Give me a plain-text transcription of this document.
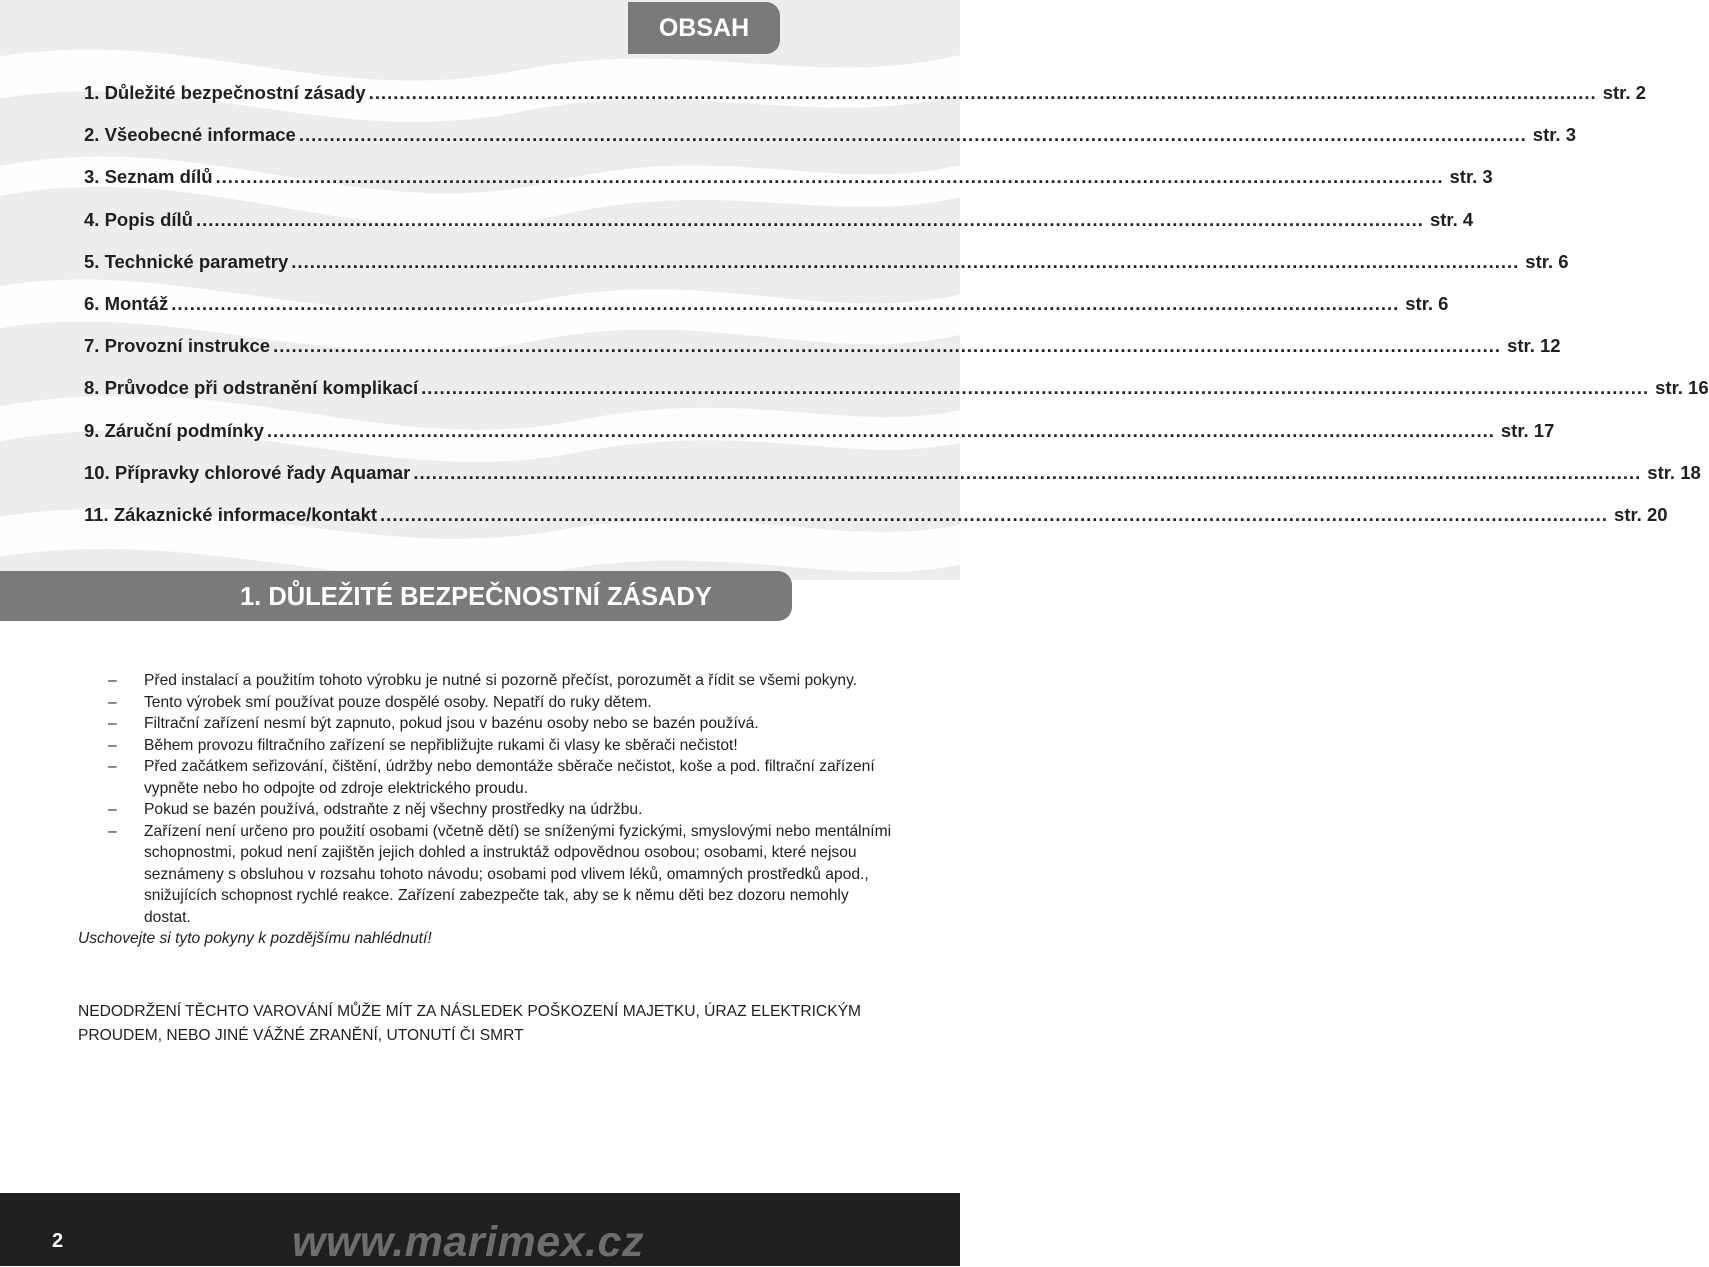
OBSAH
1. Důležité bezpečnostní zásady ........................................................................................................................................................................................................ str. 2
2. Všeobecné informace ........................................................................................................................................................................................................ str. 3
3. Seznam dílů ........................................................................................................................................................................................................ str. 3
4. Popis dílů ........................................................................................................................................................................................................ str. 4
5. Technické parametry ........................................................................................................................................................................................................ str. 6
6. Montáž ........................................................................................................................................................................................................ str. 6
7. Provozní instrukce ........................................................................................................................................................................................................ str. 12
8. Průvodce při odstranění komplikací ........................................................................................................................................................................................................ str. 16
9. Záruční podmínky ........................................................................................................................................................................................................ str. 17
10. Přípravky chlorové řady Aquamar ........................................................................................................................................................................................................ str. 18
11. Zákaznické informace/kontakt ........................................................................................................................................................................................................ str. 20
1. DŮLEŽITÉ BEZPEČNOSTNÍ ZÁSADY
– Před instalací a použitím tohoto výrobku je nutné si pozorně přečíst, porozumět a řídit se všemi pokyny.
– Tento výrobek smí používat pouze dospělé osoby. Nepatří do ruky dětem.
– Filtrační zařízení nesmí být zapnuto, pokud jsou v bazénu osoby nebo se bazén používá.
– Během provozu filtračního zařízení se nepřibližujte rukami či vlasy ke sběrači nečistot!
– Před začátkem seřizování, čištění, údržby nebo demontáže sběrače nečistot, koše a pod. filtrační zařízení vypněte nebo ho odpojte od zdroje elektrického proudu.
– Pokud se bazén používá, odstraňte z něj všechny prostředky na údržbu.
– Zařízení není určeno pro použití osobami (včetně dětí) se sníženými fyzickými, smyslovými nebo mentálními schopnostmi, pokud není zajištěn jejich dohled a instruktáž odpovědnou osobou; osobami, které nejsou seznámeny s obsluhou v rozsahu tohoto návodu; osobami pod vlivem léků, omamných prostředků apod., snižujících schopnost rychlé reakce. Zařízení zabezpečte tak, aby se k němu děti bez dozoru nemohly dostat.
Uschovejte si tyto pokyny k pozdějšímu nahlédnutí!
NEDODRŽENÍ TĚCHTO VAROVÁNÍ MŮŽE MÍT ZA NÁSLEDEK POŠKOZENÍ MAJETKU, ÚRAZ ELEKTRICKÝM PROUDEM, NEBO JINÉ VÁŽNÉ ZRANĚNÍ, UTONUTÍ ČI SMRT
2	www.marimex.cz
